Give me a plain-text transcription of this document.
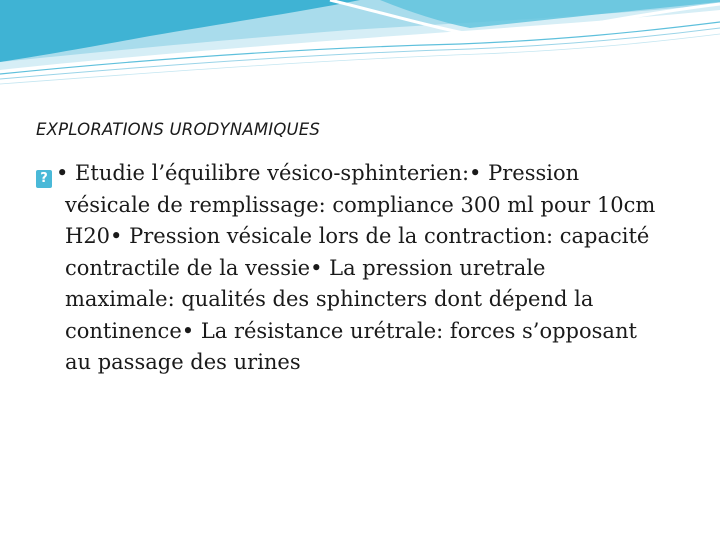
EXPLORATIONS URODYNAMIQUES
? • Etudie l’équilibre vésico-sphinterien:• Pression
vésicale de remplissage: compliance 300 ml pour 10cm
H20• Pression vésicale lors de la contraction: capacité
contractile de la vessie• La pression uretrale
maximale: qualités des sphincters dont dépend la
continence• La résistance urétrale: forces s’opposant
au passage des urines
